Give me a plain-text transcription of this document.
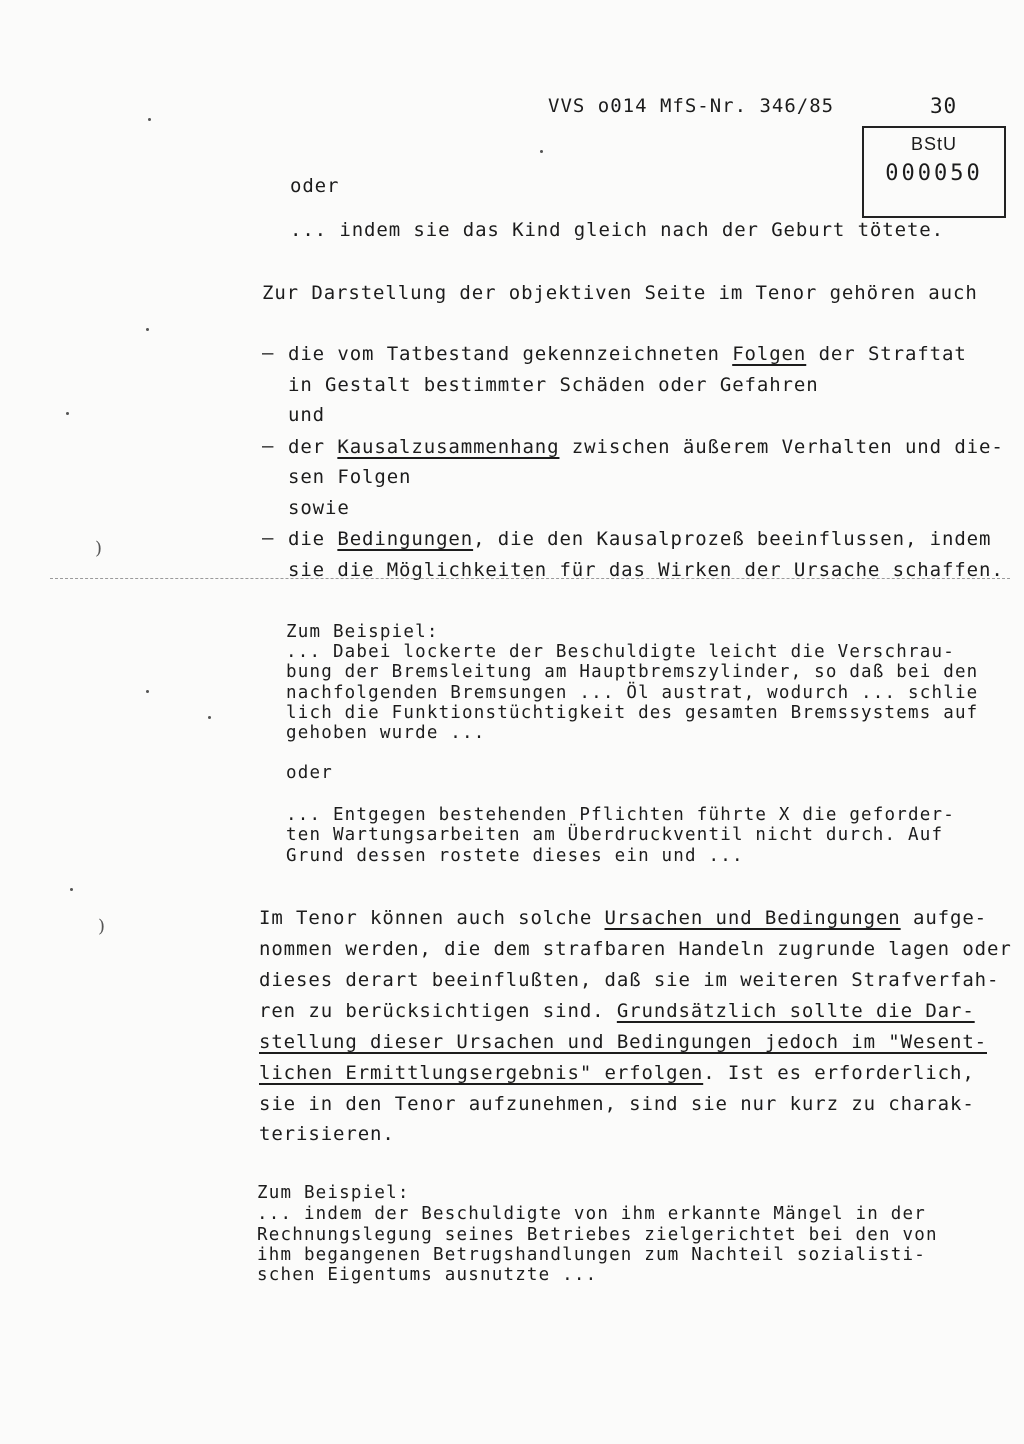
VVS o014 MfS-Nr. 346/85	30
BStU
000050
oder
... indem sie das Kind gleich nach der Geburt tötete.
Zur Darstellung der objektiven Seite im Tenor gehören auch
– die vom Tatbestand gekennzeichneten Folgen der Straftat
in Gestalt bestimmter Schäden oder Gefahren
und
– der Kausalzusammenhang zwischen äußerem Verhalten und die-
sen Folgen
sowie
– die Bedingungen, die den Kausalprozeß beeinflussen, indem
sie die Möglichkeiten für das Wirken der Ursache schaffen.
Zum Beispiel:
... Dabei lockerte der Beschuldigte leicht die Verschrau-
bung der Bremsleitung am Hauptbremszylinder, so daß bei den
nachfolgenden Bremsungen ... Öl austrat, wodurch ... schlie
lich die Funktionstüchtigkeit des gesamten Bremssystems auf
gehoben wurde ...
oder
... Entgegen bestehenden Pflichten führte X die geforder-
ten Wartungsarbeiten am Überdruckventil nicht durch. Auf
Grund dessen rostete dieses ein und ...
Im Tenor können auch solche Ursachen und Bedingungen aufge-
nommen werden, die dem strafbaren Handeln zugrunde lagen oder
dieses derart beeinflußten, daß sie im weiteren Strafverfah-
ren zu berücksichtigen sind. Grundsätzlich sollte die Dar-
stellung dieser Ursachen und Bedingungen jedoch im "Wesent-
lichen Ermittlungsergebnis" erfolgen. Ist es erforderlich,
sie in den Tenor aufzunehmen, sind sie nur kurz zu charak-
terisieren.
Zum Beispiel:
... indem der Beschuldigte von ihm erkannte Mängel in der
Rechnungslegung seines Betriebes zielgerichtet bei den von
ihm begangenen Betrugshandlungen zum Nachteil sozialisti-
schen Eigentums ausnutzte ...
)
)
